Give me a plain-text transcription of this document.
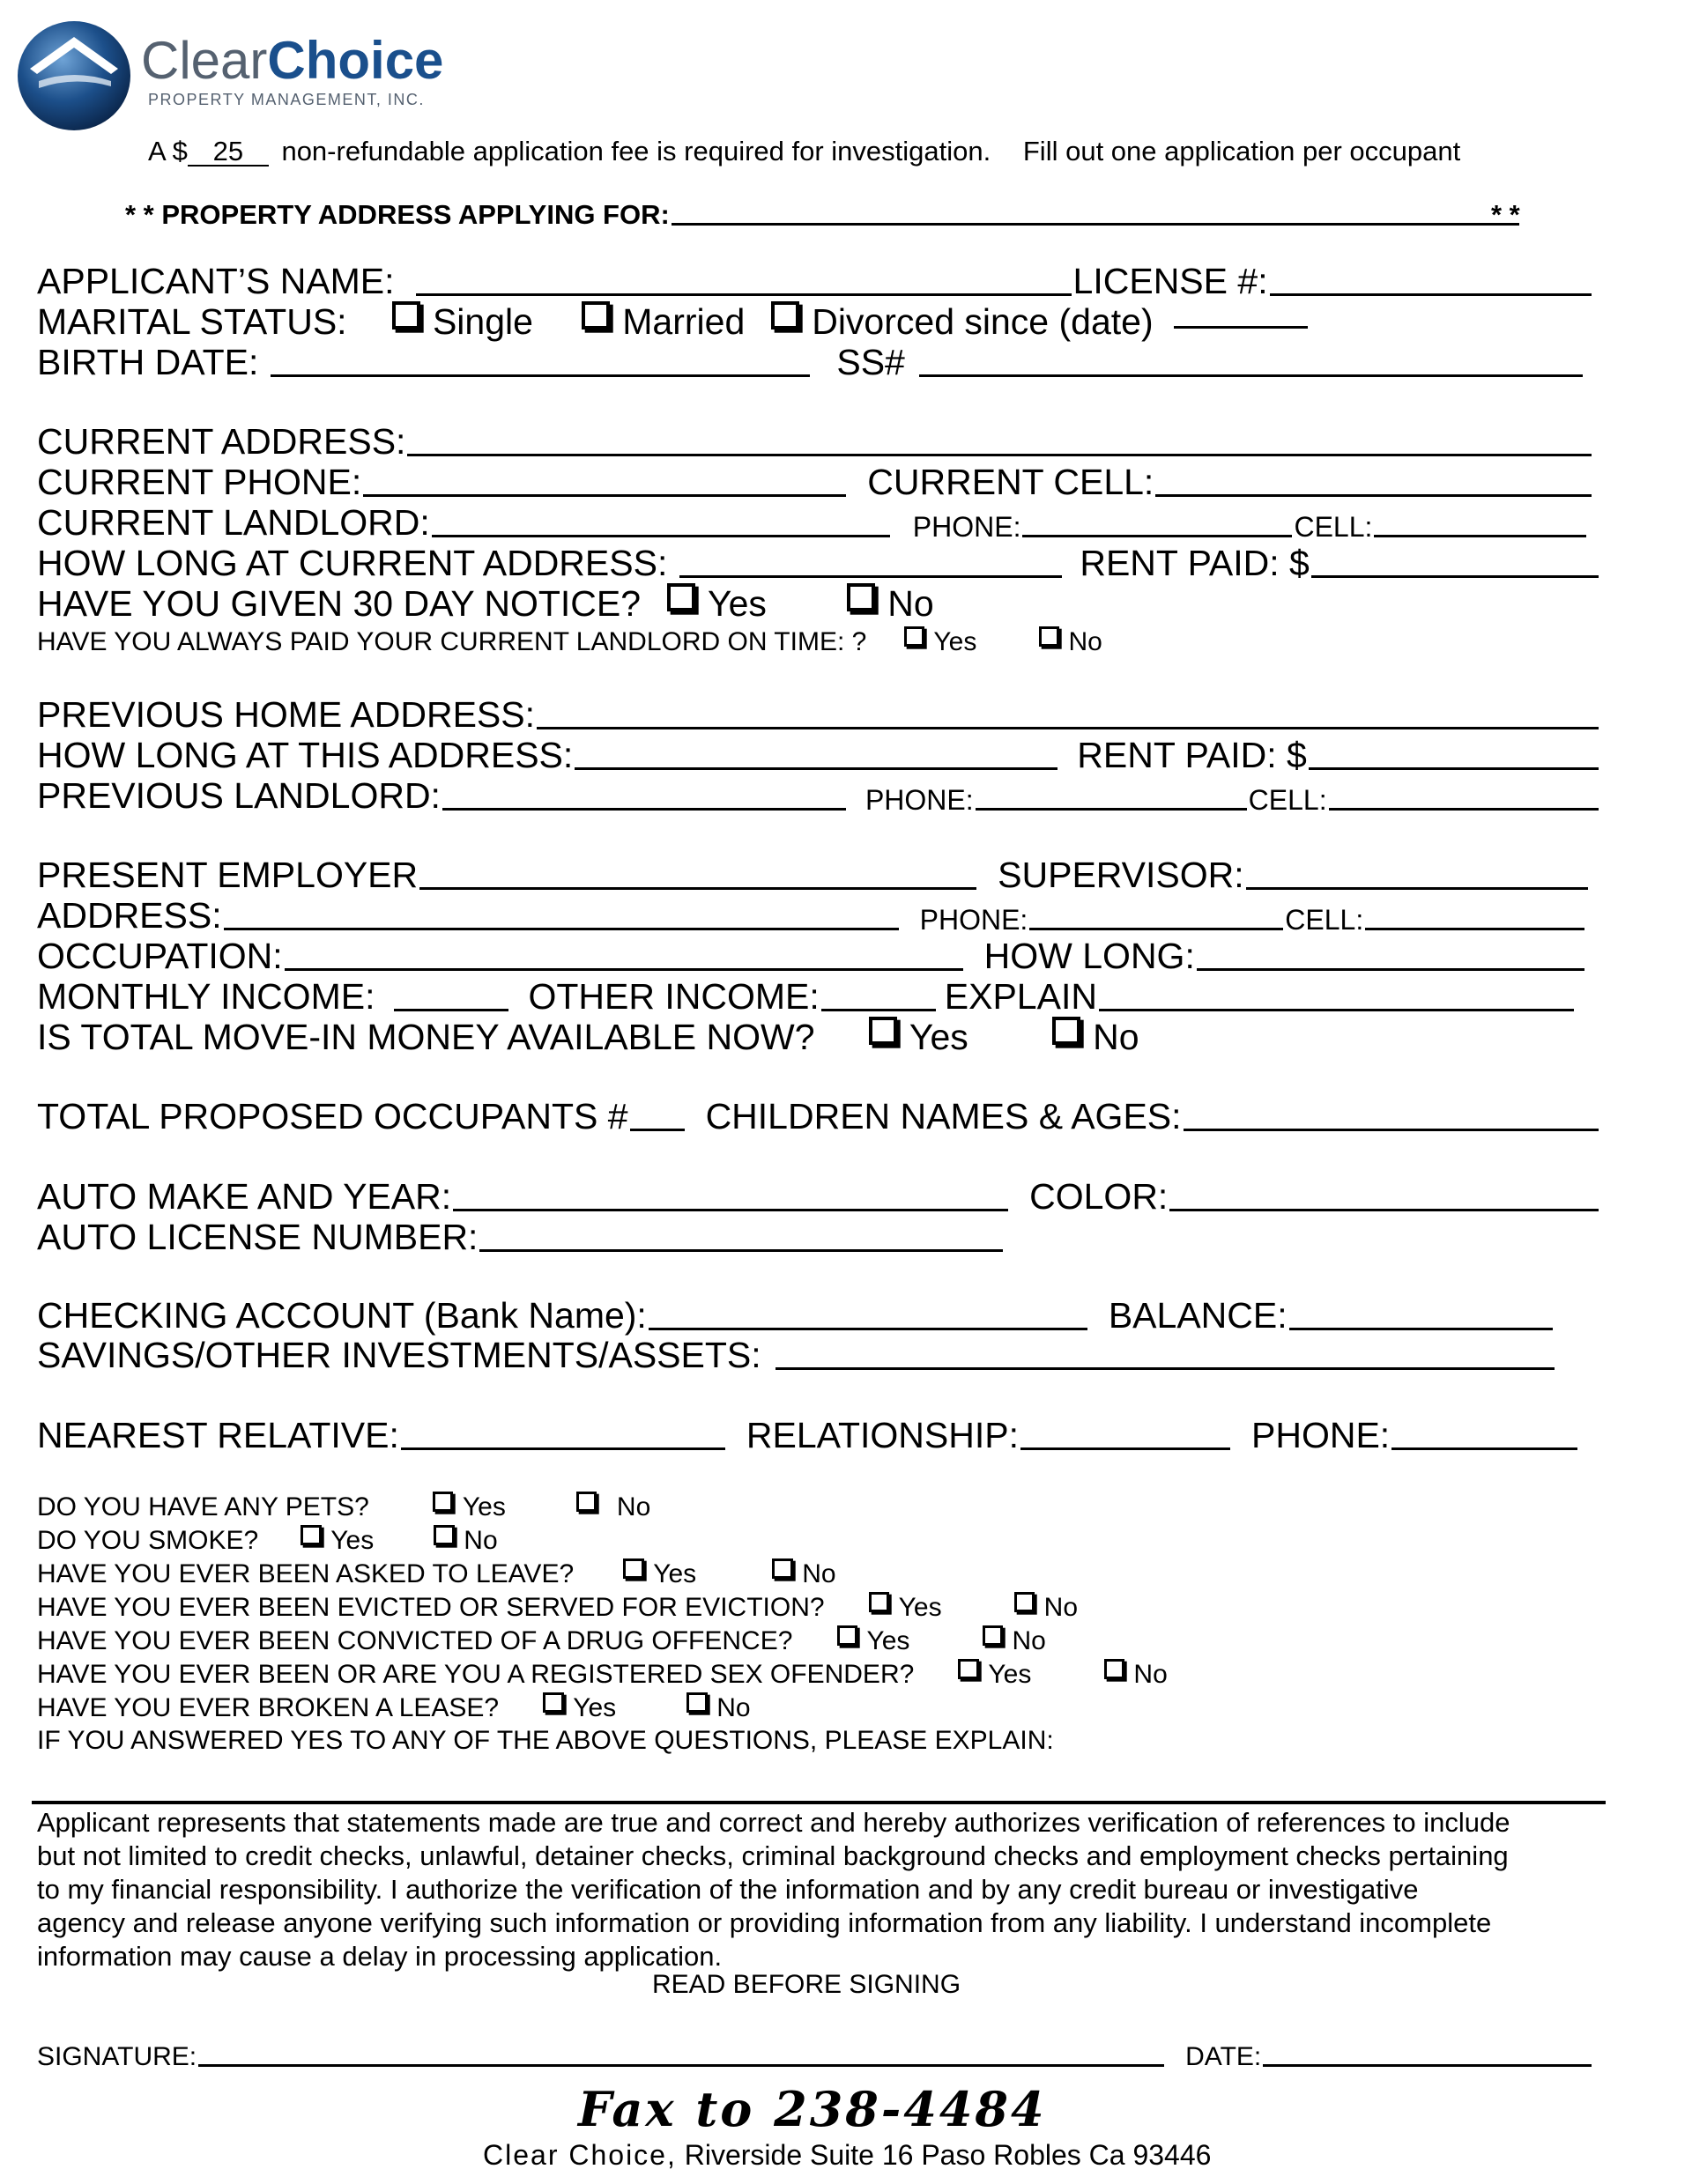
ClearChoice
PROPERTY MANAGEMENT, INC.
A $ 25 non-refundable application fee is required for investigation. Fill out one application per occupant
* * PROPERTY ADDRESS APPLYING FOR:	* *
APPLICANT’S NAME:	LICENSE #:
MARITAL STATUS: Single Married Divorced since (date)
BIRTH DATE:	SS#
CURRENT ADDRESS:
CURRENT PHONE:	CURRENT CELL:
CURRENT LANDLORD:	PHONE:	CELL:
HOW LONG AT CURRENT ADDRESS:	RENT PAID: $
HAVE YOU GIVEN 30 DAY NOTICE? Yes	No
HAVE YOU ALWAYS PAID YOUR CURRENT LANDLORD ON TIME: ?	Yes	No
PREVIOUS HOME ADDRESS:
HOW LONG AT THIS ADDRESS:	RENT PAID: $
PREVIOUS LANDLORD:	PHONE:	CELL:
PRESENT EMPLOYER	SUPERVISOR:
ADDRESS:	PHONE:	CELL:
OCCUPATION:	HOW LONG:
MONTHLY INCOME:	OTHER INCOME:	EXPLAIN
IS TOTAL MOVE-IN MONEY AVAILABLE NOW?	Yes	No
TOTAL PROPOSED OCCUPANTS # CHILDREN NAMES & AGES:
AUTO MAKE AND YEAR:	COLOR:
AUTO LICENSE NUMBER:
CHECKING ACCOUNT (Bank Name):	BALANCE:
SAVINGS/OTHER INVESTMENTS/ASSETS:
NEAREST RELATIVE:	RELATIONSHIP:	PHONE:
DO YOU HAVE ANY PETS?	Yes	No
DO YOU SMOKE?	Yes	No
HAVE YOU EVER BEEN ASKED TO LEAVE?	Yes	No
HAVE YOU EVER BEEN EVICTED OR SERVED FOR EVICTION?	Yes	No
HAVE YOU EVER BEEN CONVICTED OF A DRUG OFFENCE?	Yes	No
HAVE YOU EVER BEEN OR ARE YOU A REGISTERED SEX OFENDER?	Yes	No
HAVE YOU EVER BROKEN A LEASE?	Yes	No
IF YOU ANSWERED YES TO ANY OF THE ABOVE QUESTIONS, PLEASE EXPLAIN:
Applicant represents that statements made are true and correct and hereby authorizes verification of references to include
but not limited to credit checks, unlawful, detainer checks, criminal background checks and employment checks pertaining
to my financial responsibility. I authorize the verification of the information and by any credit bureau or investigative
agency and release anyone verifying such information or providing information from any liability. I understand incomplete
information may cause a delay in processing application.
READ BEFORE SIGNING
SIGNATURE:	DATE:
Fax to 238-4484
Clear Choice, Riverside Suite 16 Paso Robles Ca 93446
